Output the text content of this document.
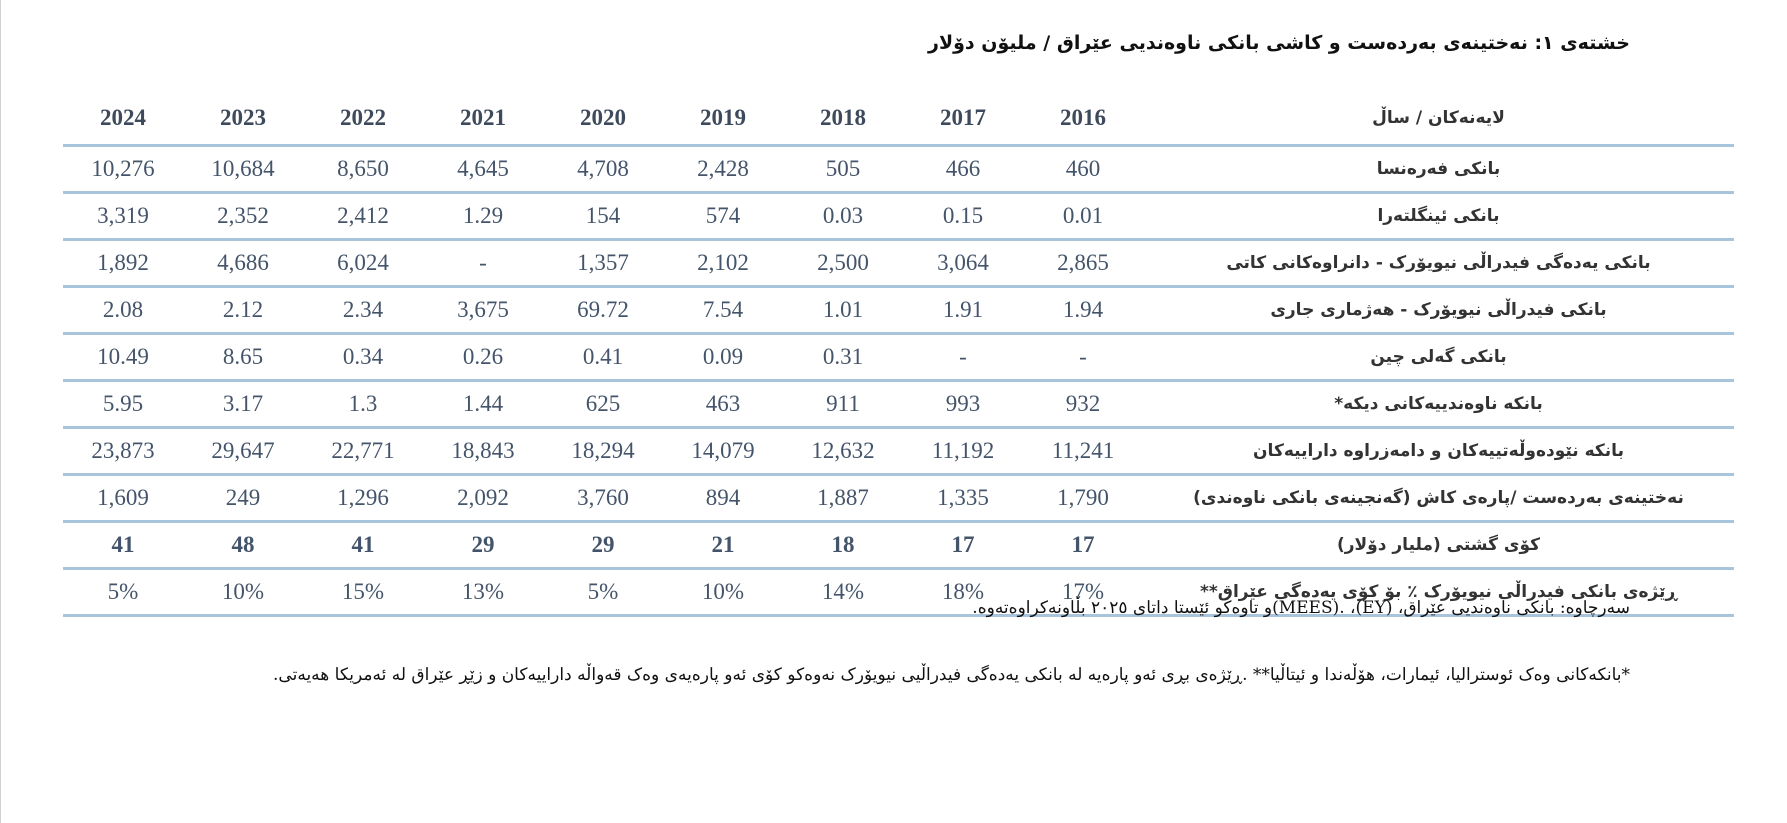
خشتەی ١: نەختینەی بەردەست و کاشی بانکی ناوەندیی عێراق / ملیۆن دۆلار
2024	2023	2022	2021	2020	2019	2018	2017	2016	لایەنەکان / ساڵ
10,276	10,684	8,650	4,645	4,708	2,428	505	466	460	بانکی فەرەنسا
3,319	2,352	2,412	1.29	154	574	0.03	0.15	0.01	بانکی ئینگلتەرا
1,892	4,686	6,024	-	1,357	2,102	2,500	3,064	2,865	بانکی یەدەگی فیدراڵی نیویۆرک - دانراوەکانی کاتی
2.08	2.12	2.34	3,675	69.72	7.54	1.01	1.91	1.94	بانکی فیدراڵی نیویۆرک - هەژماری جاری
10.49	8.65	0.34	0.26	0.41	0.09	0.31	-	-	بانکی گەلی چین
5.95	3.17	1.3	1.44	625	463	911	993	932	بانکە ناوەندییەکانی دیکە*
23,873	29,647	22,771	18,843	18,294	14,079	12,632	11,192	11,241	بانکە نێودەوڵەتییەکان و دامەزراوە داراییەکان
1,609	249	1,296	2,092	3,760	894	1,887	1,335	1,790	نەختینەی بەردەست /پارەی کاش (گەنجینەی بانکی ناوەندی)
41	48	41	29	29	21	18	17	17	کۆی گشتی (ملیار دۆلار)
5%	10%	15%	13%	5%	10%	14%	18%	17%	ڕێژەی بانکی فیدراڵی نیویۆرک ٪ بۆ کۆی یەدەگی عێراق**
سەرچاوە: بانکی ناوەندیی عێراق، (EY)، .(MEES)و تاوەکو ئێستا داتای ٢٠٢٥ بڵاونەکراوەتەوە.
*بانکەکانی وەک ئوسترالیا، ئیمارات، هۆڵەندا و ئیتاڵیا** .ڕێژەی بڕی ئەو پارەیە لە بانکی یەدەگی فیدراڵیی نیویۆرک نەوەکو کۆی ئەو پارەیەی وەک قەواڵە داراییەکان و زێڕ عێراق لە ئەمریکا هەیەتی.
